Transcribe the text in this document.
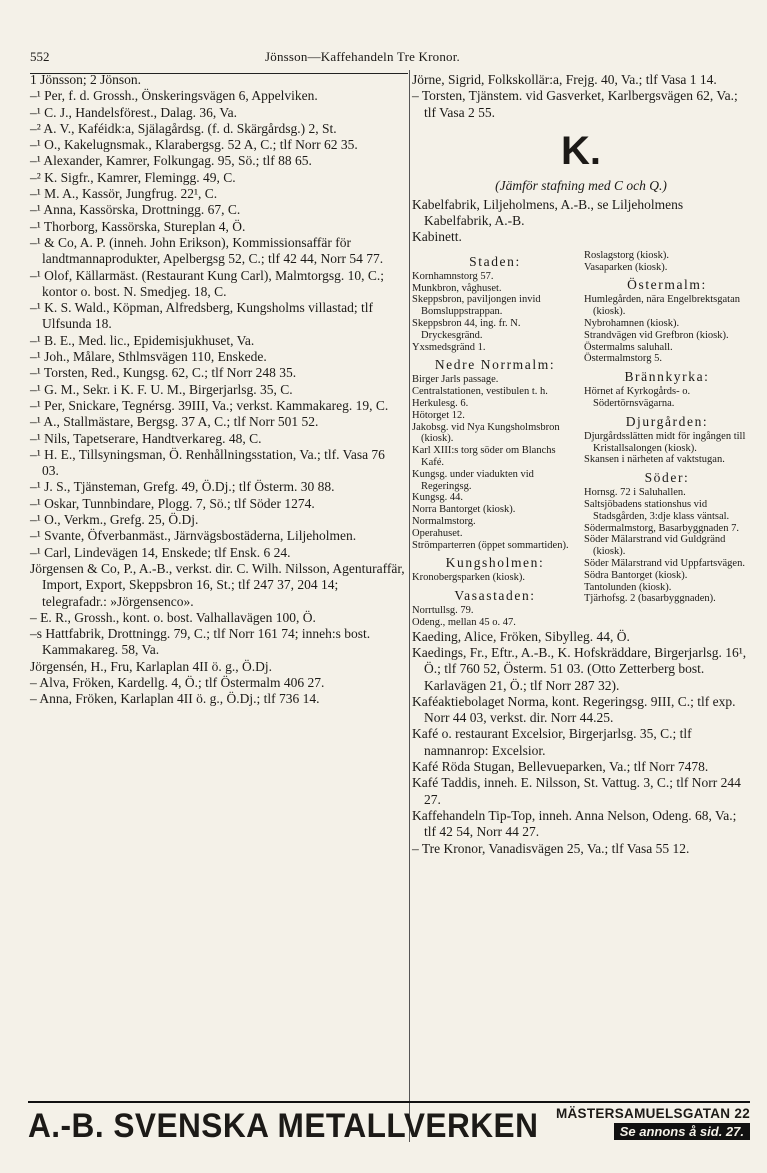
552	Jönsson—Kaffehandeln Tre Kronor.

1 Jönsson; 2 Jönson.

–¹ Per, f. d. Grossh., Önskeringsvägen 6, Appelviken.

–¹ C. J., Handelsförest., Dalag. 36, Va.

–² A. V., Kaféidk:a, Själagårdsg. (f. d. Skärgårdsg.) 2, St.

–¹ O., Kakelugnsmak., Klarabergsg. 52 A, C.; tlf Norr 62 35.

–¹ Alexander, Kamrer, Folkungag. 95, Sö.; tlf 88 65.

–² K. Sigfr., Kamrer, Flemingg. 49, C.

–¹ M. A., Kassör, Jungfrug. 22¹, C.

–¹ Anna, Kassörska, Drottningg. 67, C.

–¹ Thorborg, Kassörska, Stureplan 4, Ö.

–¹ & Co, A. P. (inneh. John Erikson), Kommissionsaffär för landtmannaprodukter, Apelbergsg 52, C.; tlf 42 44, Norr 54 77.

–¹ Olof, Källarmäst. (Restaurant Kung Carl), Malmtorgsg. 10, C.; kontor o. bost. N. Smedjeg. 18, C.

–¹ K. S. Wald., Köpman, Alfredsberg, Kungsholms villastad; tlf Ulfsunda 18.

–¹ B. E., Med. lic., Epidemisjukhuset, Va.

–¹ Joh., Målare, Sthlmsvägen 110, Enskede.

–¹ Torsten, Red., Kungsg. 62, C.; tlf Norr 248 35.

–¹ G. M., Sekr. i K. F. U. M., Birgerjarlsg. 35, C.

–¹ Per, Snickare, Tegnérsg. 39III, Va.; verkst. Kammakareg. 19, C.

–¹ A., Stallmästare, Bergsg. 37 A, C.; tlf Norr 501 52.

–¹ Nils, Tapetserare, Handtverkareg. 48, C.

–¹ H. E., Tillsyningsman, Ö. Renhållningsstation, Va.; tlf. Vasa 76 03.

–¹ J. S., Tjänsteman, Grefg. 49, Ö.Dj.; tlf Österm. 30 88.

–¹ Oskar, Tunnbindare, Plogg. 7, Sö.; tlf Söder 1274.

–¹ O., Verkm., Grefg. 25, Ö.Dj.

–¹ Svante, Öfverbanmäst., Järnvägsbostäderna, Liljeholmen.

–¹ Carl, Lindevägen 14, Enskede; tlf Ensk. 6 24.

Jörgensen & Co, P., A.-B., verkst. dir. C. Wilh. Nilsson, Agenturaffär, Import, Export, Skeppsbron 16, St.; tlf 247 37, 204 14; telegrafadr.: »Jörgensenco».

– E. R., Grossh., kont. o. bost. Valhallavägen 100, Ö.

–s Hattfabrik, Drottningg. 79, C.; tlf Norr 161 74; inneh:s bost. Kammakareg. 58, Va.

Jörgensén, H., Fru, Karlaplan 4II ö. g., Ö.Dj.

– Alva, Fröken, Kardellg. 4, Ö.; tlf Östermalm 406 27.

– Anna, Fröken, Karlaplan 4II ö. g., Ö.Dj.; tlf 736 14.

Jörne, Sigrid, Folkskollär:a, Frejg. 40, Va.; tlf Vasa 1 14.

– Torsten, Tjänstem. vid Gasverket, Karlbergsvägen 62, Va.; tlf Vasa 2 55.

K.
(Jämför stafning med C och Q.)

Kabelfabrik, Liljeholmens, A.-B., se Liljeholmens Kabelfabrik, A.-B.

Kabinett.

Staden:
Kornhamnstorg 57.
Munkbron, våghuset.
Skeppsbron, paviljongen invid Bomsluppstrappan.
Skeppsbron 44, ing. fr. N. Dryckesgränd.
Yxsmedsgränd 1.
Nedre Norrmalm:
Birger Jarls passage.
Centralstationen, vestibulen t. h.
Herkulesg. 6.
Hötorget 12.
Jakobsg. vid Nya Kungsholmsbron (kiosk).
Karl XIII:s torg söder om Blanchs Kafé.
Kungsg. under viadukten vid Regeringsg.
Kungsg. 44.
Norra Bantorget (kiosk).
Normalmstorg.
Operahuset.
Strömparterren (öppet sommartiden).
Kungsholmen:
Kronobergsparken (kiosk).
Vasastaden:
Norrtullsg. 79.
Odeng., mellan 45 o. 47.
Roslagstorg (kiosk).
Vasaparken (kiosk).
Östermalm:
Humlegården, nära Engelbrektsgatan (kiosk).
Nybrohamnen (kiosk).
Strandvägen vid Grefbron (kiosk).
Östermalms saluhall.
Östermalmstorg 5.
Brännkyrka:
Hörnet af Kyrkogårds- o. Södertörnsvägarna.
Djurgården:
Djurgårdsslätten midt för ingången till Kristallsalongen (kiosk).
Skansen i närheten af vaktstugan.
Söder:
Hornsg. 72 i Saluhallen.
Saltsjöbadens stationshus vid Stadsgården, 3:dje klass väntsal.
Södermalmstorg, Basarbyggnaden 7.
Söder Mälarstrand vid Guldgränd (kiosk).
Söder Mälarstrand vid Uppfartsvägen.
Södra Bantorget (kiosk).
Tantolunden (kiosk).
Tjärhofsg. 2 (basarbyggnaden).

Kaeding, Alice, Fröken, Sibylleg. 44, Ö.

Kaedings, Fr., Eftr., A.-B., K. Hofskräddare, Birgerjarlsg. 16¹, Ö.; tlf 760 52, Österm. 51 03. (Otto Zetterberg bost. Karlavägen 21, Ö.; tlf Norr 287 32).

Kaféaktiebolaget Norma, kont. Regeringsg. 9III, C.; tlf exp. Norr 44 03, verkst. dir. Norr 44.25.

Kafé o. restaurant Excelsior, Birgerjarlsg. 35, C.; tlf namnanrop: Excelsior.

Kafé Röda Stugan, Bellevueparken, Va.; tlf Norr 7478.

Kafé Taddis, inneh. E. Nilsson, St. Vattug. 3, C.; tlf Norr 244 27.

Kaffehandeln Tip-Top, inneh. Anna Nelson, Odeng. 68, Va.; tlf 42 54, Norr 44 27.

– Tre Kronor, Vanadisvägen 25, Va.; tlf Vasa 55 12.

A.-B. SVENSKA METALLVERKEN	MÄSTERSAMUELSGATAN 22
Se annons å sid. 27.
